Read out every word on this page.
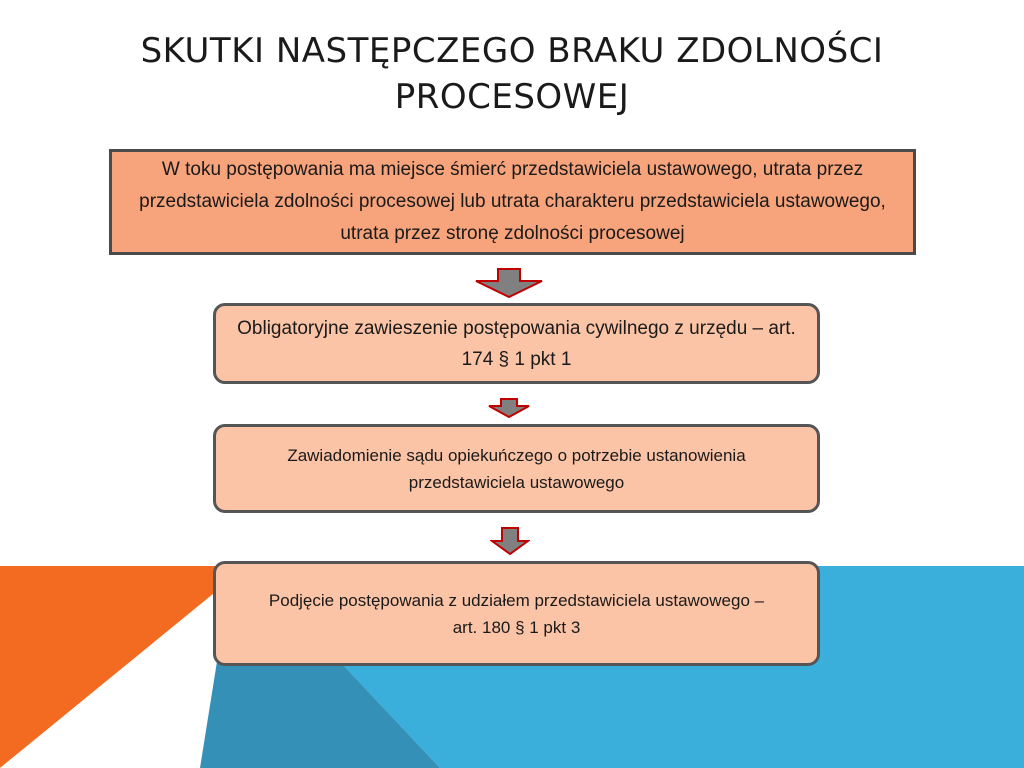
SKUTKI NASTĘPCZEGO BRAKU ZDOLNOŚCI PROCESOWEJ
W toku postępowania ma miejsce śmierć przedstawiciela ustawowego, utrata przez przedstawiciela zdolności procesowej lub utrata charakteru przedstawiciela ustawowego, utrata przez stronę zdolności procesowej
Obligatoryjne zawieszenie postępowania cywilnego z urzędu – art. 174 § 1 pkt 1
Zawiadomienie sądu opiekuńczego o potrzebie ustanowienia przedstawiciela ustawowego
Podjęcie postępowania z udziałem przedstawiciela ustawowego – art. 180 § 1 pkt 3
